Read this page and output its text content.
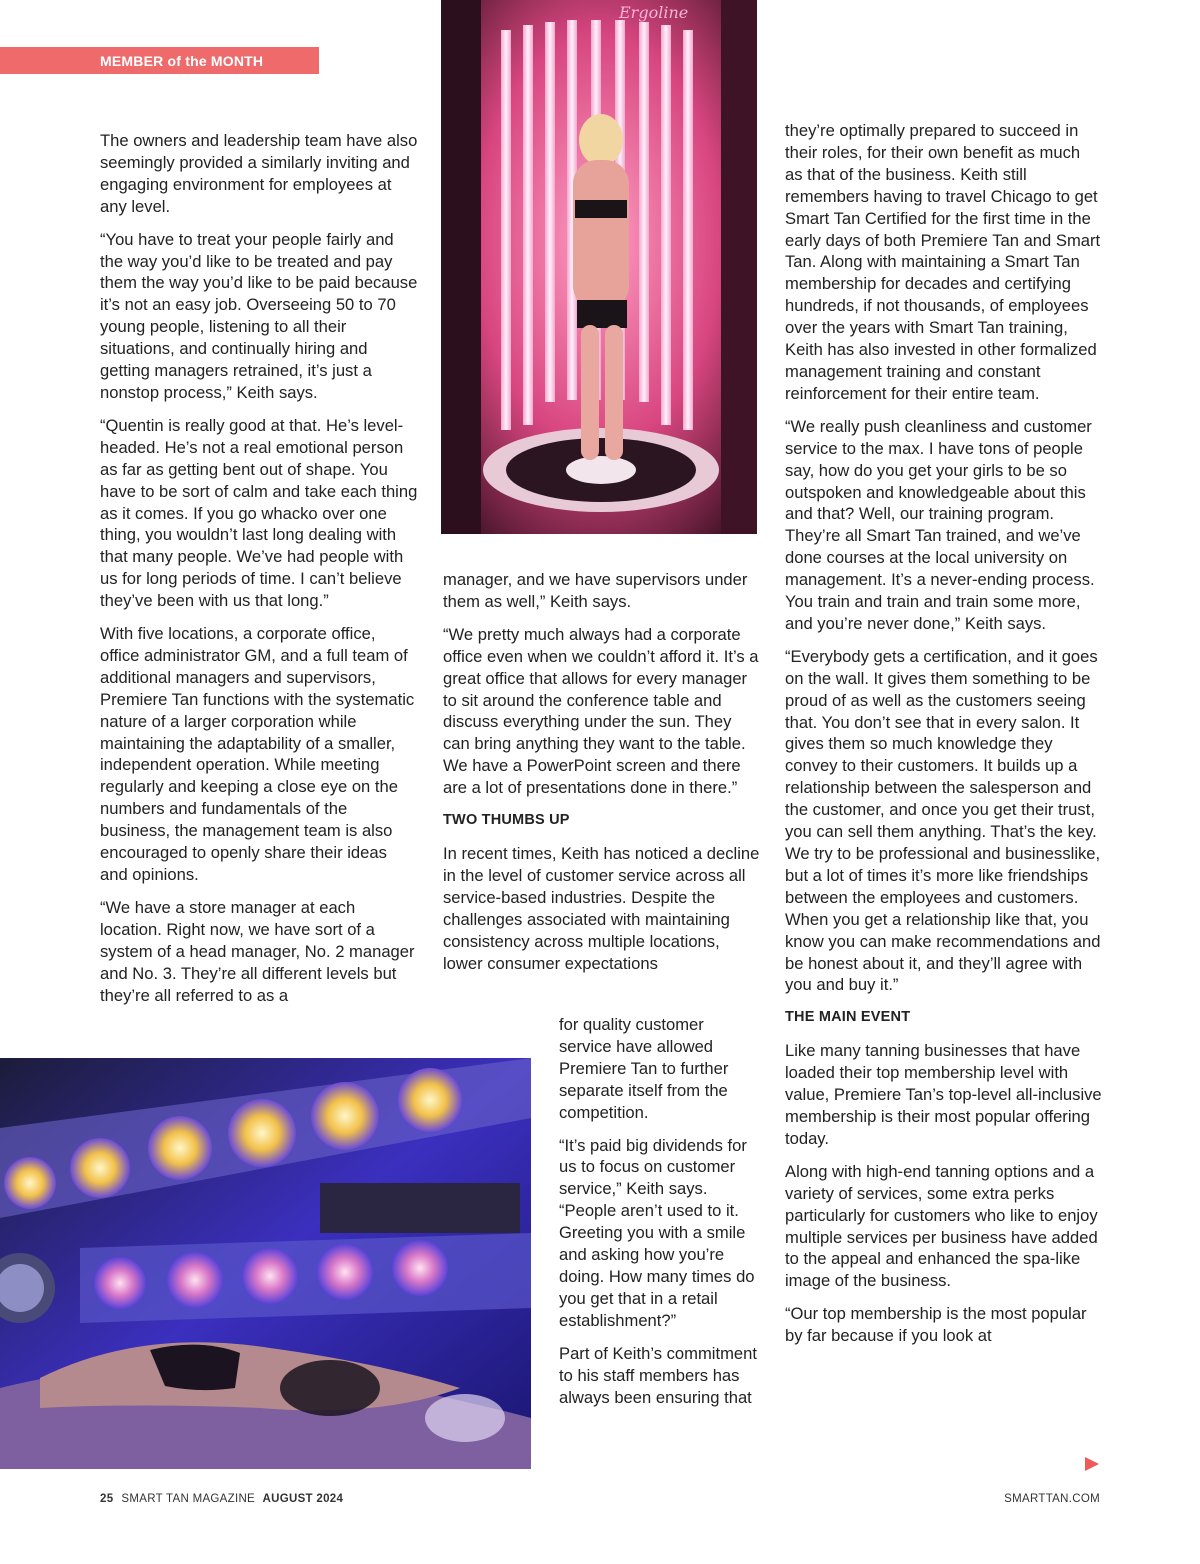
MEMBER of the MONTH
Ergoline

The owners and leadership team have also seemingly provided a similarly inviting and engaging environment for employees at any level.

“You have to treat your people fairly and the way you’d like to be treated and pay them the way you’d like to be paid because it’s not an easy job. Overseeing 50 to 70 young people, listening to all their situations, and continually hiring and getting managers retrained, it’s just a nonstop process,” Keith says.

“Quentin is really good at that. He’s level-headed. He’s not a real emotional person as far as getting bent out of shape. You have to be sort of calm and take each thing as it comes. If you go whacko over one thing, you wouldn’t last long dealing with that many people. We’ve had people with us for long periods of time. I can’t believe they’ve been with us that long.”

With five locations, a corporate office, office administrator GM, and a full team of additional managers and supervisors, Premiere Tan functions with the systematic nature of a larger corporation while maintaining the adaptability of a smaller, independent operation. While meeting regularly and keeping a close eye on the numbers and fundamentals of the business, the management team is also encouraged to openly share their ideas and opinions.

“We have a store manager at each location. Right now, we have sort of a system of a head manager, No. 2 manager and No. 3. They’re all different levels but they’re all referred to as a

manager, and we have supervisors under them as well,” Keith says.

“We pretty much always had a corporate office even when we couldn’t afford it. It’s a great office that allows for every manager to sit around the conference table and discuss everything under the sun. They can bring anything they want to the table. We have a PowerPoint screen and there are a lot of presentations done in there.”

TWO THUMBS UP

In recent times, Keith has noticed a decline in the level of customer service across all service-based industries. Despite the challenges associated with maintaining consistency across multiple locations, lower consumer expectations

for quality customer service have allowed Premiere Tan to further separate itself from the competition.

“It’s paid big dividends for us to focus on customer service,” Keith says. “People aren’t used to it. Greeting you with a smile and asking how you’re doing. How many times do you get that in a retail establishment?”

Part of Keith’s commitment to his staff members has always been ensuring that

they’re optimally prepared to succeed in their roles, for their own benefit as much as that of the business. Keith still remembers having to travel Chicago to get Smart Tan Certified for the first time in the early days of both Premiere Tan and Smart Tan. Along with maintaining a Smart Tan membership for decades and certifying hundreds, if not thousands, of employees over the years with Smart Tan training, Keith has also invested in other formalized management training and constant reinforcement for their entire team.

“We really push cleanliness and customer service to the max. I have tons of people say, how do you get your girls to be so outspoken and knowledgeable about this and that? Well, our training program. They’re all Smart Tan trained, and we’ve done courses at the local university on management. It’s a never-ending process. You train and train and train some more, and you’re never done,” Keith says.

“Everybody gets a certification, and it goes on the wall. It gives them something to be proud of as well as the customers seeing that. You don’t see that in every salon. It gives them so much knowledge they convey to their customers. It builds up a relationship between the salesperson and the customer, and once you get their trust, you can sell them anything. That’s the key. We try to be professional and businesslike, but a lot of times it’s more like friendships between the employees and customers. When you get a relationship like that, you know you can make recommendations and be honest about it, and they’ll agree with you and buy it.”

THE MAIN EVENT

Like many tanning businesses that have loaded their top membership level with value, Premiere Tan’s top-level all-inclusive membership is their most popular offering today.

Along with high-end tanning options and a variety of services, some extra perks particularly for customers who like to enjoy multiple services per business have added to the appeal and enhanced the spa-like image of the business.

“Our top membership is the most popular by far because if you look at

25 SMART TAN MAGAZINE AUGUST 2024	SMARTTAN.COM
